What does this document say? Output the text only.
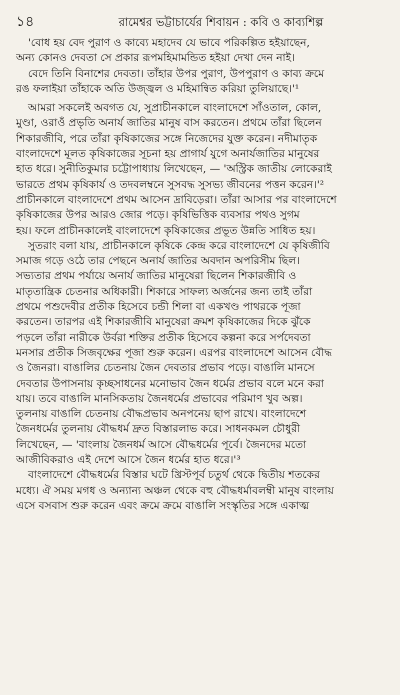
১৪	রামেশ্বর ভট্টাচার্যের শিবায়ন : কবি ও কাব্যশিল্প
'বোধ হয় বেদ পুরাণ ও কাব্যে মহাদেব যে ভাবে পরিকল্পিত হইয়াছেন,
অন্য কোনও দেবতা সে প্রকার রূপমহিমামন্ডিত হইয়া দেখা দেন নাই।
বেদে তিনি বিনাশের দেবতা। তাঁহার উপর পুরাণ, উপপুরাণ ও কাব্য ক্রমে
রঙ ফলাইয়া তাঁহাকে অতি উজ্জ্বল ও মহিমান্বিত করিয়া তুলিয়াছে।'¹
আমরা সকলেই অবগত যে, সুপ্রাচীনকালে বাংলাদেশে সাঁওতাল, কোল,
মুণ্ডা, ওরাওঁ প্রভৃতি অনার্য জাতির মানুষ বাস করতেন। প্রথমে তাঁরা ছিলেন
শিকারজীবি, পরে তাঁরা কৃষিকাজের সঙ্গে নিজেদের যুক্ত করেন। নদীমাতৃক
বাংলাদেশে মূলত কৃষিকাজের সূচনা হয় প্রাগার্য যুগে অনার্যজাতির মানুষের
হাত ধরে। সুনীতিকুমার চট্টোপাধ্যায় লিখেছেন, — 'অস্ট্রিক জাতীয় লোকেরাই
ভারতে প্রথম কৃষিকার্য ও তদবলম্বনে সুসবদ্ধ সুসভ্য জীবনের পত্তন করেন।'²
প্রাচীনকালে বাংলাদেশে প্রথম আসেন দ্রাবিড়েরা। তাঁরা আসার পর বাংলাদেশে
কৃষিকাজের উপর আরও জোর পড়ে। কৃষিভিত্তিক ব্যবসার পথও সুগম
হয়। ফলে প্রাচীনকালেই বাংলাদেশে কৃষিকাজের প্রভূত উন্নতি সাধিত হয়।
সুতরাং বলা যায়, প্রাচীনকালে কৃষিকে কেন্দ্র করে বাংলাদেশে যে কৃষিজীবি
সমাজ গড়ে ওঠে তার পেছনে অনার্য জাতির অবদান অপরিসীম ছিল।
সভ্যতার প্রথম পর্যায়ে অনার্য জাতির মানুষেরা ছিলেন শিকারজীবি ও
মাতৃতান্ত্রিক চেতনার অধিকারী। শিকারে সাফল্য অর্জনের জন্য তাই তাঁরা
প্রথমে পশুদেবীর প্রতীক হিসেবে চন্ডী শিলা বা একখণ্ড পাথরকে পূজা
করতেন। তারপর এই শিকারজীবি মানুষেরা ক্রমশ কৃষিকাজের দিকে ঝুঁকে
পড়লে তাঁরা নারীকে উর্বরা শক্তির প্রতীক হিসেবে কল্পনা করে সর্পদেবতা
মনসার প্রতীক সিজবৃক্ষের পূজা শুরু করেন। এরপর বাংলাদেশে আসেন বৌদ্ধ
ও জৈনরা। বাঙালির চেতনায় জৈন দেবতার প্রভাব পড়ে। বাঙালি মানসে
দেবতার উপাসনায় কৃচ্ছসাধনের মনোভাব জৈন ধর্মের প্রভাব বলে মনে করা
যায়। তবে বাঙালি মানসিকতায় জৈনধর্মের প্রভাবের পরিমাণ খুব অল্প।
তুলনায় বাঙালি চেতনায় বৌদ্ধপ্রভাব অনপনেয় ছাপ রাখে। বাংলাদেশে
জৈনধর্মের তুলনায় বৌদ্ধধর্ম দ্রুত বিস্তারলাভ করে। সাধনকমল চৌধুরী
লিখেছেন, — 'বাংলায় জৈনধর্ম আসে বৌদ্ধধর্মের পূর্বে। জৈনদের মতো
আজীবিকরাও এই দেশে আসে জৈন ধর্মের হাত ধরে।'³
বাংলাদেশে বৌদ্ধধর্মের বিস্তার ঘটে খ্রিস্টপূর্ব চতুর্থ থেকে দ্বিতীয় শতকের
মধ্যে। ঐ সময় মগধ ও অন্যান্য অঞ্চল থেকে বহু বৌদ্ধধর্মাবলম্বী মানুষ বাংলায়
এসে বসবাস শুরু করেন এবং ক্রমে ক্রমে বাঙালি সংস্কৃতির সঙ্গে একাত্ম
